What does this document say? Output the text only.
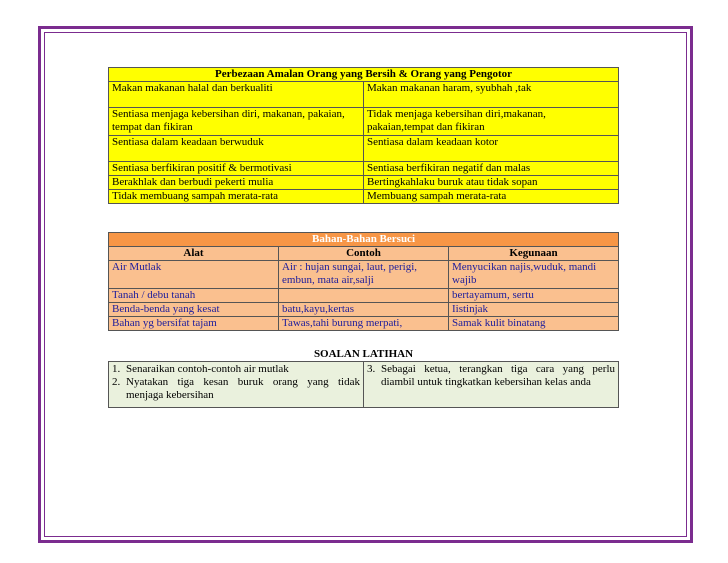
Perbezaan Amalan Orang yang Bersih & Orang yang Pengotor	
Makan makanan halal dan berkualiti	Makan makanan haram, syubhah ,tak
Sentiasa menjaga kebersihan diri, makanan, pakaian, tempat dan fikiran	Tidak menjaga kebersihan diri,makanan, pakaian,tempat dan fikiran
Sentiasa dalam keadaan berwuduk	Sentiasa dalam keadaan kotor
Sentiasa berfikiran positif & bermotivasi	Sentiasa berfikiran negatif dan malas
Berakhlak dan berbudi pekerti mulia	Bertingkahlaku buruk atau tidak sopan
Tidak membuang sampah merata-rata	Membuang sampah merata-rata
Bahan-Bahan Bersuci		
Alat	Contoh	Kegunaan
Air Mutlak	Air : hujan sungai, laut, perigi, embun, mata air,salji	Menyucikan najis,wuduk, mandi wajib
Tanah / debu tanah		bertayamum, sertu
Benda-benda yang kesat	batu,kayu,kertas	Iistinjak
Bahan yg bersifat tajam	Tawas,tahi burung merpati,	Samak kulit binatang
SOALAN LATIHAN
1. Senaraikan contoh-contoh air mutlak
2. Nyatakan tiga kesan buruk orang yang tidak menjaga kebersihan

3. Sebagai ketua, terangkan tiga cara yang perlu diambil untuk tingkatkan kebersihan kelas anda
